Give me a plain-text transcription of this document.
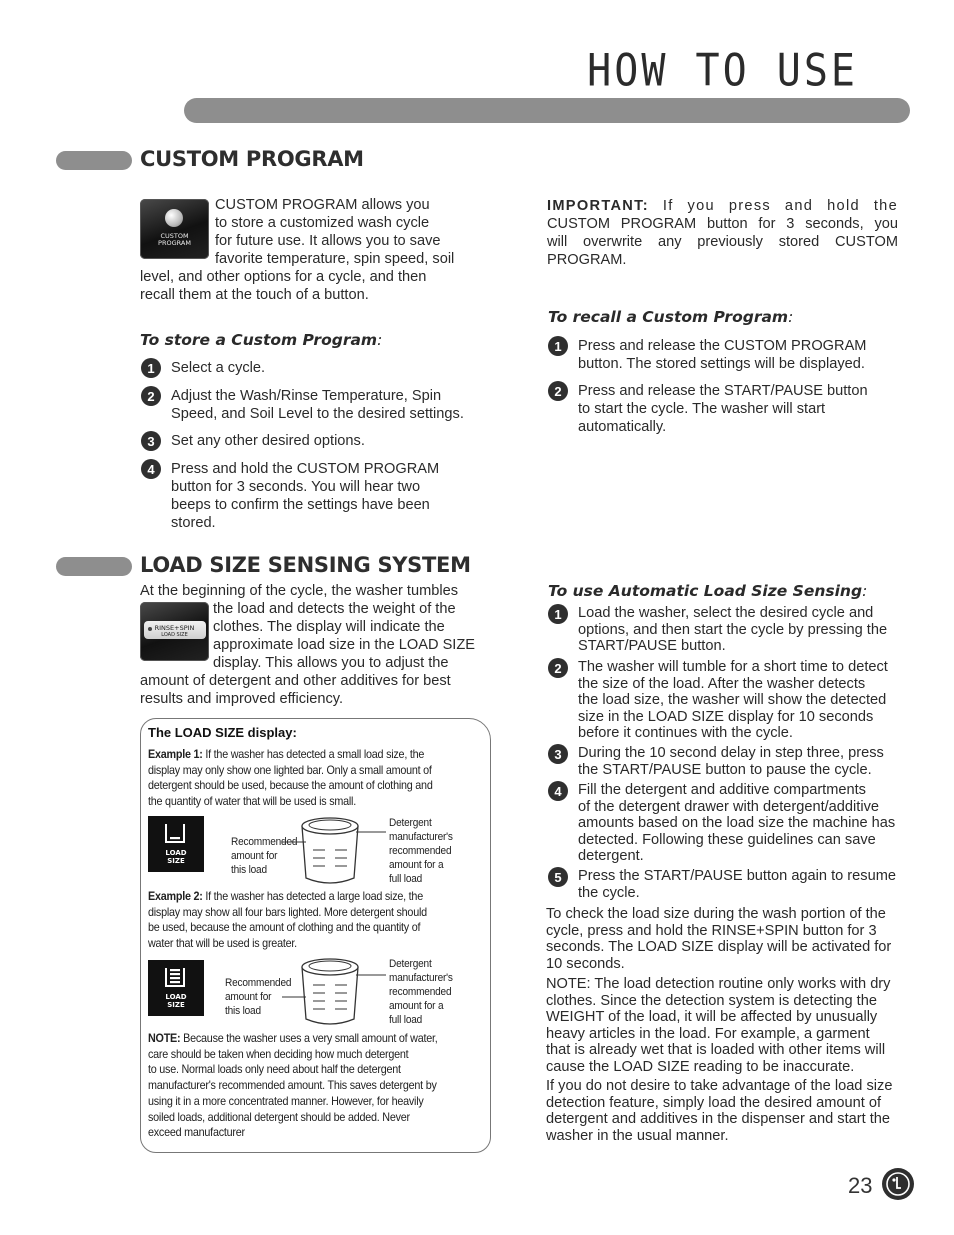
HOW TO USE
CUSTOM PROGRAM
CUSTOM
PROGRAM
CUSTOM PROGRAM allows you
to store a customized wash cycle
for future use. It allows you to save
favorite temperature, spin speed, soil
level, and other options for a cycle, and then
recall them at the touch of a button.
IMPORTANT: If you press and hold the
CUSTOM PROGRAM button for 3 seconds, you
will overwrite any previously stored CUSTOM
PROGRAM.
To store a Custom Program:
1	Select a cycle.
2	Adjust the Wash/Rinse Temperature, Spin
Speed, and Soil Level to the desired settings.
3	Set any other desired options.
4	Press and hold the CUSTOM PROGRAM
button for 3 seconds. You will hear two
beeps to confirm the settings have been
stored.
To recall a Custom Program:
1	Press and release the CUSTOM PROGRAM
button. The stored settings will be displayed.
2	Press and release the START/PAUSE button
to start the cycle. The washer will start
automatically.
LOAD SIZE SENSING SYSTEM
RINSE+SPIN
LOAD SIZE
At the beginning of the cycle, the washer tumbles
the load and detects the weight of the
clothes. The display will indicate the
approximate load size in the LOAD SIZE
display. This allows you to adjust the
amount of detergent and other additives for best
results and improved efficiency.
The LOAD SIZE display:
Example 1: If the washer has detected a small load size, the
display may only show one lighted bar. Only a small amount of
detergent should be used, because the amount of clothing and
the quantity of water that will be used is small.
LOAD
SIZE
Recommended
amount for
this load
Detergent
manufacturer's
recommended
amount for a
full load
Example 2: If the washer has detected a large load size, the
display may show all four bars lighted. More detergent should
be used, because the amount of clothing and the quantity of
water that will be used is greater.
LOAD
SIZE
Recommended
amount for
this load
Detergent
manufacturer's
recommended
amount for a
full load
NOTE: Because the washer uses a very small amount of water,
care should be taken when deciding how much detergent
to use. Normal loads only need about half the detergent
manufacturer's recommended amount. This saves detergent by
using it in a more concentrated manner. However, for heavily
soiled loads, additional detergent should be added. Never
exceed manufacturer
To use Automatic Load Size Sensing:
1	Load the washer, select the desired cycle and
options, and then start the cycle by pressing the
START/PAUSE button.
2	The washer will tumble for a short time to detect
the size of the load. After the washer detects
the load size, the washer will show the detected
size in the LOAD SIZE display for 10 seconds
before it continues with the cycle.
3	During the 10 second delay in step three, press
the START/PAUSE button to pause the cycle.
4	Fill the detergent and additive compartments
of the detergent drawer with detergent/additive
amounts based on the load size the machine has
detected. Following these guidelines can save
detergent.
5	Press the START/PAUSE button again to resume
the cycle.
To check the load size during the wash portion of the
cycle, press and hold the RINSE+SPIN button for 3
seconds. The LOAD SIZE display will be activated for
10 seconds.
NOTE: The load detection routine only works with dry
clothes. Since the detection system is detecting the
WEIGHT of the load, it will be affected by unusually
heavy articles in the load. For example, a garment
that is already wet that is loaded with other items will
cause the LOAD SIZE reading to be inaccurate.
If you do not desire to take advantage of the load size
detection feature, simply load the desired amount of
detergent and additives in the dispenser and start the
washer in the usual manner.
23
